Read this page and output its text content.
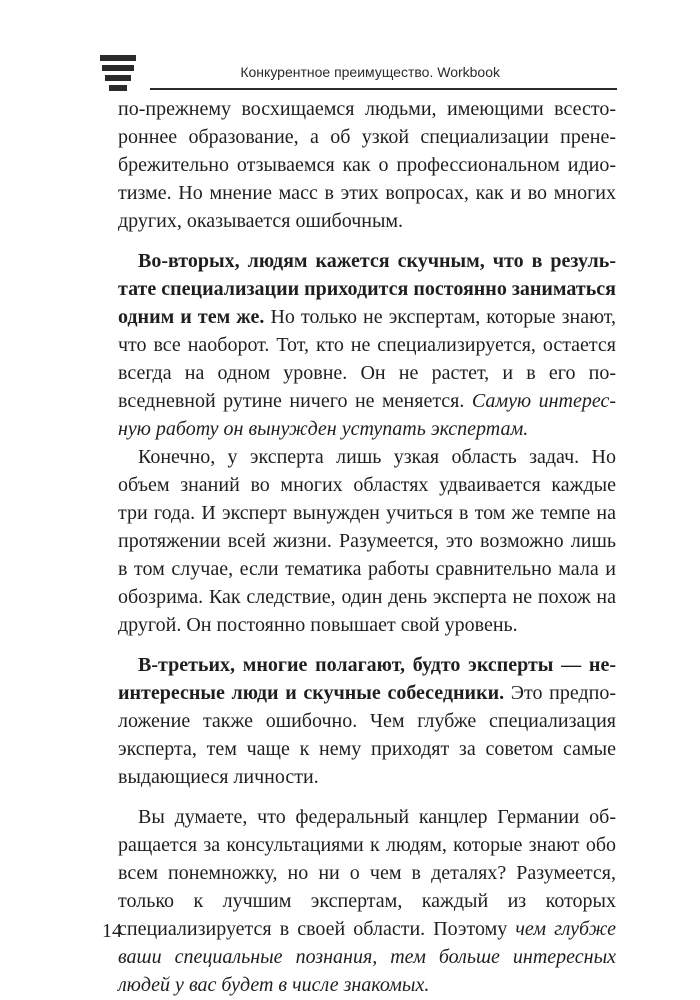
Конкурентное преимущество. Workbook

по-прежнему восхищаемся людьми, имеющими всестороннее образование, а об узкой специализации пренебрежительно отзываемся как о профессиональном идиотизме. Но мнение масс в этих вопросах, как и во многих других, оказывается ошибочным.

Во-вторых, людям кажется скучным, что в результате специализации приходится постоянно заниматься одним и тем же. Но только не экспертам, которые знают, что все наоборот. Тот, кто не специализируется, остается всегда на одном уровне. Он не растет, и в его повседневной рутине ничего не меняется. Самую интересную работу он вынужден уступать экспертам.

Конечно, у эксперта лишь узкая область задач. Но объем знаний во многих областях удваивается каждые три года. И эксперт вынужден учиться в том же темпе на протяжении всей жизни. Разумеется, это возможно лишь в том случае, если тематика работы сравнительно мала и обозрима. Как следствие, один день эксперта не похож на другой. Он постоянно повышает свой уровень.

В-третьих, многие полагают, будто эксперты — неинтересные люди и скучные собеседники. Это предположение также ошибочно. Чем глубже специализация эксперта, тем чаще к нему приходят за советом самые выдающиеся личности.

Вы думаете, что федеральный канцлер Германии обращается за консультациями к людям, которые знают обо всем понемножку, но ни о чем в деталях? Разумеется, только к лучшим экспертам, каждый из которых специализируется в своей области. Поэтому чем глубже ваши специальные познания, тем больше интересных людей у вас будет в числе знакомых.

14
